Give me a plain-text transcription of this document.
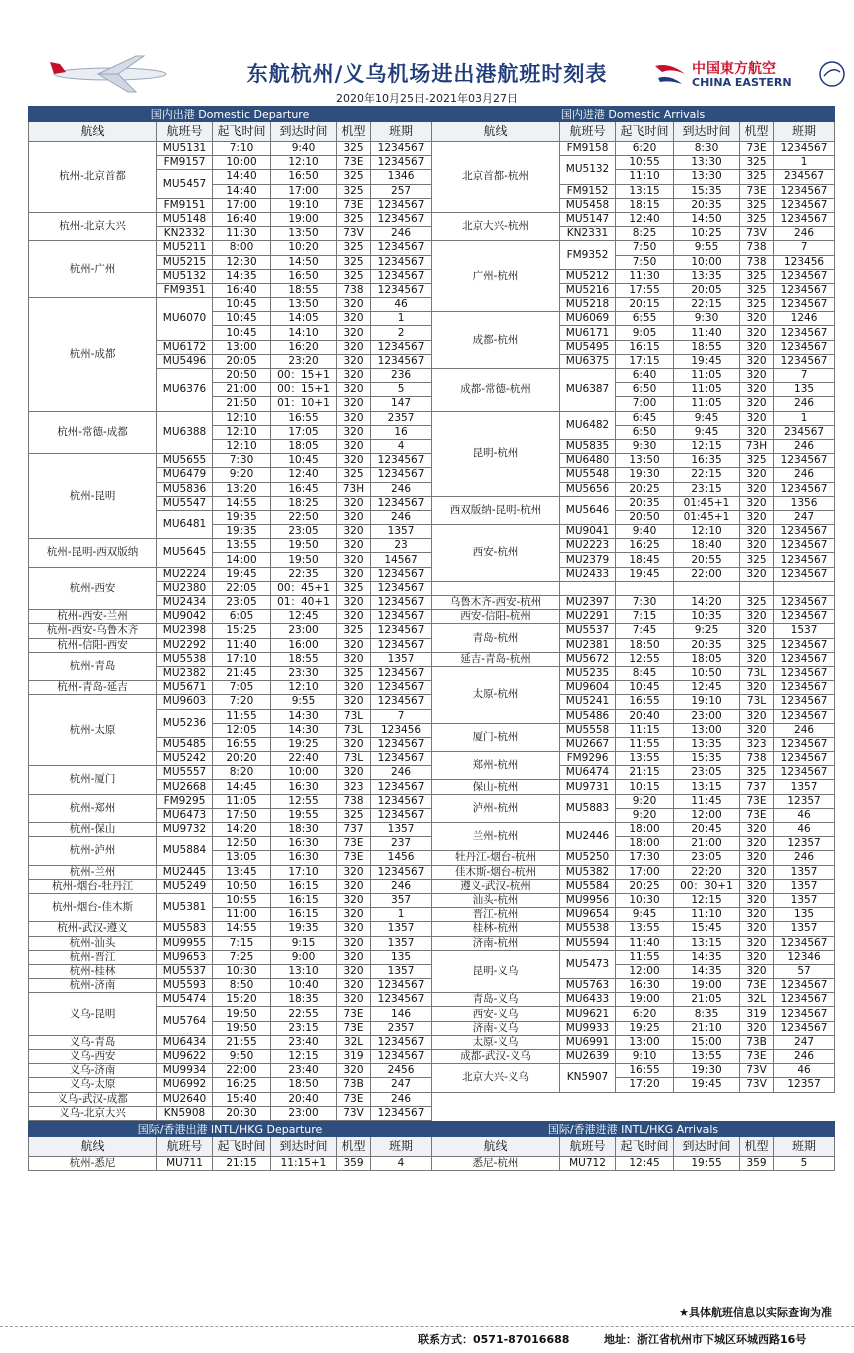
东航杭州/义乌机场进出港航班时刻表
2020年10月25日-2021年03月27日
中国東方航空
CHINA EASTERN
国内出港 Domestic Departure					
航线	航班号	起飞时间	到达时间	机型	班期
杭州-北京首都	MU5131	7:10	9:40	325	1234567
	FM9157	10:00	12:10	73E	1234567
	MU5457	14:40	16:50	325	1346
		14:40	17:00	325	257
	FM9151	17:00	19:10	73E	1234567
杭州-北京大兴	MU5148	16:40	19:00	325	1234567
	KN2332	11:30	13:50	73V	246
杭州-广州	MU5211	8:00	10:20	325	1234567
	MU5215	12:30	14:50	325	1234567
	MU5132	14:35	16:50	325	1234567
	FM9351	16:40	18:55	738	1234567

杭州-成都	MU6070	10:45	13:50	320	46
		10:45	14:05	320	1
		10:45	14:10	320	2
	MU6172	13:00	16:20	320	1234567
	MU5496	20:05	23:20	320	1234567
	MU6376	20:50	00：15+1	320	236
		21:00	00：15+1	320	5
		21:50	01：10+1	320	147
杭州-常德-成都	MU6388	12:10	16:55	320	2357
		12:10	17:05	320	16
		12:10	18:05	320	4
杭州-昆明	MU5655	7:30	10:45	320	1234567
	MU6479	9:20	12:40	325	1234567
	MU5836	13:20	16:45	73H	246
	MU5547	14:55	18:25	320	1234567
	MU6481	19:35	22:50	320	246
		19:35	23:05	320	1357
杭州-昆明-西双版纳	MU5645	13:55	19:50	320	23
		14:00	19:50	320	14567
杭州-西安	MU2224	19:45	22:35	320	1234567
	MU2380	22:05	00：45+1	325	1234567
	MU2434	23:05	01：40+1	320	1234567

杭州-西安-兰州	MU9042	6:05	12:45	320	1234567
杭州-西安-乌鲁木齐	MU2398	15:25	23:00	325	1234567
杭州-信阳-西安	MU2292	11:40	16:00	320	1234567
杭州-青岛	MU5538	17:10	18:55	320	1357
	MU2382	21:45	23:30	325	1234567
杭州-青岛-延吉	MU5671	7:05	12:10	320	1234567
杭州-太原	MU9603	7:20	9:55	320	1234567

	MU5236	11:55	14:30	73L	7
		12:05	14:30	73L	123456
	MU5485	16:55	19:25	320	1234567
	MU5242	20:20	22:40	73L	1234567
杭州-厦门	MU5557	8:20	10:00	320	246
	MU2668	14:45	16:30	323	1234567
杭州-郑州	FM9295	11:05	12:55	738	1234567
	MU6473	17:50	19:55	325	1234567
杭州-保山	MU9732	14:20	18:30	737	1357
杭州-泸州	MU5884	12:50	16:30	73E	237
		13:05	16:30	73E	1456
杭州-兰州	MU2445	13:45	17:10	320	1234567

杭州-烟台-牡丹江	MU5249	10:50	16:15	320	246
杭州-烟台-佳木斯	MU5381	10:55	16:15	320	357
		11:00	16:15	320	1
杭州-武汉-遵义	MU5583	14:55	19:35	320	1357
杭州-汕头	MU9955	7:15	9:15	320	1357
杭州-晋江	MU9653	7:25	9:00	320	135
杭州-桂林	MU5537	10:30	13:10	320	1357
杭州-济南	MU5593	8:50	10:40	320	1234567
义乌-昆明	MU5474	15:20	18:35	320	1234567
	MU5764	19:50	22:55	73E	146
		19:50	23:15	73E	2357
义乌-青岛	MU6434	21:55	23:40	32L	1234567
义乌-西安	MU9622	9:50	12:15	319	1234567
义乌-济南	MU9934	22:00	23:40	320	2456
义乌-太原	MU6992	16:25	18:50	73B	247
义乌-武汉-成都	MU2640	15:40	20:40	73E	246
义乌-北京大兴	KN5908	20:30	23:00	73V	1234567

国内进港 Domestic Arrivals					
航线	航班号	起飞时间	到达时间	机型	班期
北京首都-杭州	FM9158	6:20	8:30	73E	1234567
	MU5132	10:55	13:30	325	1
		11:10	13:30	325	234567
	FM9152	13:15	15:35	73E	1234567
	MU5458	18:15	20:35	325	1234567
北京大兴-杭州	MU5147	12:40	14:50	325	1234567
	KN2331	8:25	10:25	73V	246
广州-杭州	FM9352	7:50	9:55	738	7
		7:50	10:00	738	123456
	MU5212	11:30	13:35	325	1234567
	MU5216	17:55	20:05	325	1234567
	MU5218	20:15	22:15	325	1234567
成都-杭州	MU6069	6:55	9:30	320	1246

	MU6171	9:05	11:40	320	1234567

	MU5495	16:15	18:55	320	1234567

	MU6375	17:15	19:45	320	1234567

成都-常德-杭州	MU6387	6:40	11:05	320	7
		6:50	11:05	320	135
		7:00	11:05	320	246
昆明-杭州	MU6482	6:45	9:45	320	1
		6:50	9:45	320	234567
	MU5835	9:30	12:15	73H	246
	MU6480	13:50	16:35	325	1234567
	MU5548	19:30	22:15	320	246
	MU5656	20:25	23:15	320	1234567
西双版纳-昆明-杭州	MU5646	20:35	01:45+1	320	1356
		20:50	01:45+1	320	247
西安-杭州	MU9041	9:40	12:10	320	1234567
	MU2223	16:25	18:40	320	1234567
	MU2379	18:45	20:55	325	1234567
	MU2433	19:45	22:00	320	1234567

乌鲁木齐-西安-杭州	MU2397	7:30	14:20	325	1234567
西安-信阳-杭州	MU2291	7:15	10:35	320	1234567
青岛-杭州	MU5537	7:45	9:25	320	1537
	MU2381	18:50	20:35	325	1234567
延吉-青岛-杭州	MU5672	12:55	18:05	320	1234567
太原-杭州	MU5235	8:45	10:50	73L	1234567
	MU9604	10:45	12:45	320	1234567
	MU5241	16:55	19:10	73L	1234567
	MU5486	20:40	23:00	320	1234567

厦门-杭州	MU5558	11:15	13:00	320	246
	MU2667	11:55	13:35	323	1234567
郑州-杭州	FM9296	13:55	15:35	738	1234567
	MU6474	21:15	23:05	325	1234567
保山-杭州	MU9731	10:15	13:15	737	1357
泸州-杭州	MU5883	9:20	11:45	73E	12357
		9:20	12:00	73E	46
兰州-杭州	MU2446	18:00	20:45	320	46
		18:00	21:00	320	12357
牡丹江-烟台-杭州	MU5250	17:30	23:05	320	246
佳木斯-烟台-杭州	MU5382	17:00	22:20	320	1357

遵义-武汉-杭州	MU5584	20:25	00：30+1	320	1357
汕头-杭州	MU9956	10:30	12:15	320	1357
晋江-杭州	MU9654	9:45	11:10	320	135
桂林-杭州	MU5538	13:55	15:45	320	1357
济南-杭州	MU5594	11:40	13:15	320	1234567
昆明-义乌	MU5473	11:55	14:35	320	12346
		12:00	14:35	320	57
	MU5763	16:30	19:00	73E	1234567
青岛-义乌	MU6433	19:00	21:05	32L	1234567
西安-义乌	MU9621	6:20	8:35	319	1234567
济南-义乌	MU9933	19:25	21:10	320	1234567
太原-义乌	MU6991	13:00	15:00	73B	247
成都-武汉-义乌	MU2639	9:10	13:55	73E	246
北京大兴-义乌	KN5907	16:55	19:30	73V	46
		17:20	19:45	73V	12357
国际/香港出港 INTL/HKG Departure					
航线	航班号	起飞时间	到达时间	机型	班期
杭州-悉尼	MU711	21:15	11:15+1	359	4
国际/香港进港 INTL/HKG Arrivals					
航线	航班号	起飞时间	到达时间	机型	班期
悉尼-杭州	MU712	12:45	19:55	359	5
★具体航班信息以实际查询为准
联系方式：0571-87016688	地址：浙江省杭州市下城区环城西路16号
